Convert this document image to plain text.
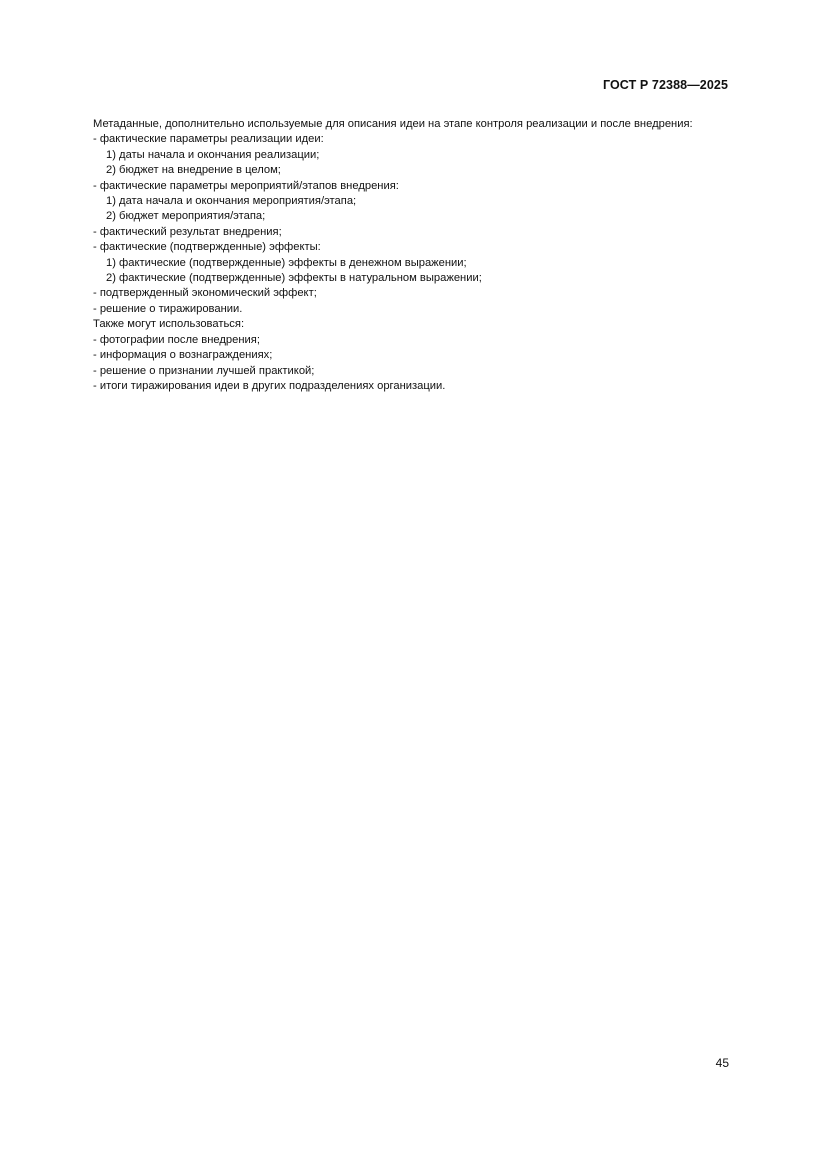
ГОСТ Р 72388—2025

Метаданные, дополнительно используемые для описания идеи на этапе контроля реализации и после внедрения:

- фактические параметры реализации идеи:

1) даты начала и окончания реализации;

2) бюджет на внедрение в целом;

- фактические параметры мероприятий/этапов внедрения:

1) дата начала и окончания мероприятия/этапа;

2) бюджет мероприятия/этапа;

- фактический результат внедрения;

- фактические (подтвержденные) эффекты:

1) фактические (подтвержденные) эффекты в денежном выражении;

2) фактические (подтвержденные) эффекты в натуральном выражении;

- подтвержденный экономический эффект;

- решение о тиражировании.

Также могут использоваться:

- фотографии после внедрения;

- информация о вознаграждениях;

- решение о признании лучшей практикой;

- итоги тиражирования идеи в других подразделениях организации.

45
